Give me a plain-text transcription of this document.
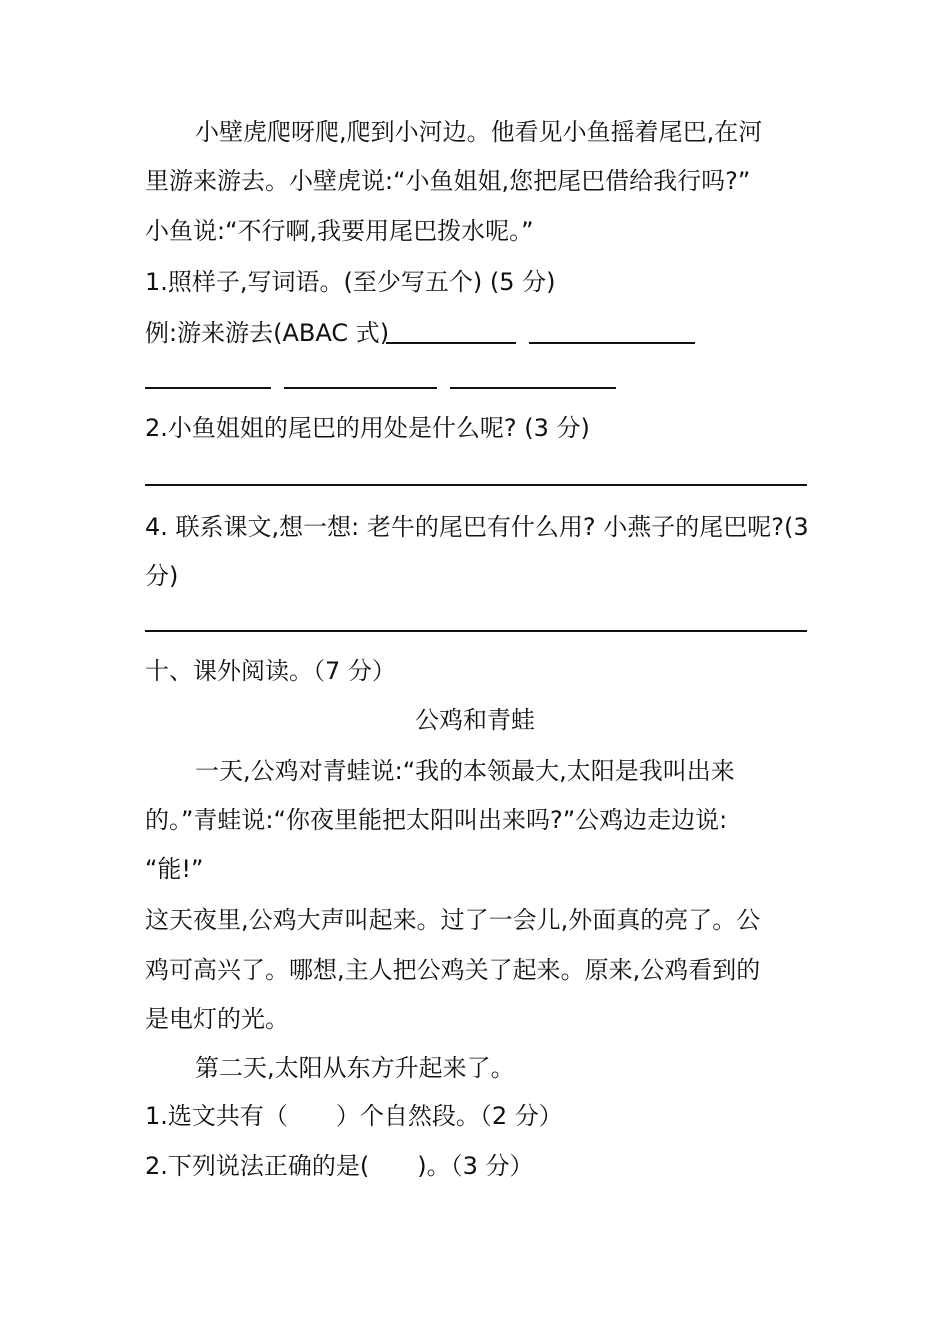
小壁虎爬呀爬,爬到小河边。他看见小鱼摇着尾巴,在河
里游来游去。小壁虎说:“小鱼姐姐,您把尾巴借给我行吗?”
小鱼说:“不行啊,我要用尾巴拨水呢。”
1.照样子,写词语。(至少写五个) (5 分)
例:游来游去(ABAC 式)
2.小鱼姐姐的尾巴的用处是什么呢? (3 分)
4. 联系课文,想一想: 老牛的尾巴有什么用? 小燕子的尾巴呢?(3
分)
十、课外阅读。（7 分）
公鸡和青蛙
一天,公鸡对青蛙说:“我的本领最大,太阳是我叫出来
的。”青蛙说:“你夜里能把太阳叫出来吗?”公鸡边走边说:
“能!”
这天夜里,公鸡大声叫起来。过了一会儿,外面真的亮了。公
鸡可高兴了。哪想,主人把公鸡关了起来。原来,公鸡看到的
是电灯的光。
第二天,太阳从东方升起来了。
1.选文共有（　　）个自然段。（2 分）
2.下列说法正确的是(　　)。（3 分）
